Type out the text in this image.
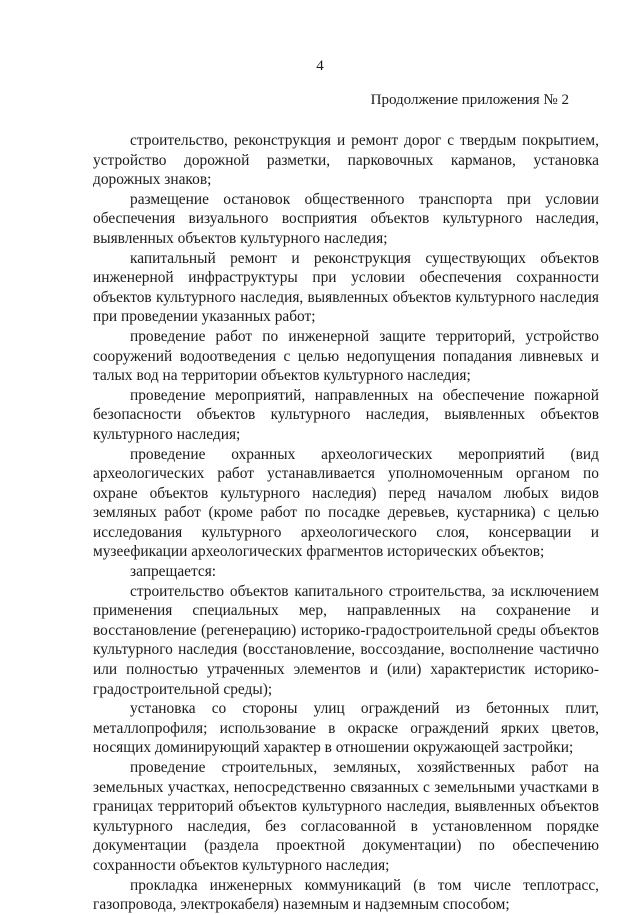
4
Продолжение приложения № 2

строительство, реконструкция и ремонт дорог с твердым покрытием, устройство дорожной разметки, парковочных карманов, установка дорожных знаков;

размещение остановок общественного транспорта при условии обеспечения визуального восприятия объектов культурного наследия, выявленных объектов культурного наследия;

капитальный ремонт и реконструкция существующих объектов инженерной инфраструктуры при условии обеспечения сохранности объектов культурного наследия, выявленных объектов культурного наследия при проведении указанных работ;

проведение работ по инженерной защите территорий, устройство сооружений водоотведения с целью недопущения попадания ливневых и талых вод на территории объектов культурного наследия;

проведение мероприятий, направленных на обеспечение пожарной безопасности объектов культурного наследия, выявленных объектов культурного наследия;

проведение охранных археологических мероприятий (вид археологических работ устанавливается уполномоченным органом по охране объектов культурного наследия) перед началом любых видов земляных работ (кроме работ по посадке деревьев, кустарника) с целью исследования культурного археологического слоя, консервации и музеефикации археологических фрагментов исторических объектов;

запрещается:

строительство объектов капитального строительства, за исключением применения специальных мер, направленных на сохранение и восстановление (регенерацию) историко-градостроительной среды объектов культурного наследия (восстановление, воссоздание, восполнение частично или полностью утраченных элементов и (или) характеристик историко-градостроительной среды);

установка со стороны улиц ограждений из бетонных плит, металлопрофиля; использование в окраске ограждений ярких цветов, носящих доминирующий характер в отношении окружающей застройки;

проведение строительных, земляных, хозяйственных работ на земельных участках, непосредственно связанных с земельными участками в границах территорий объектов культурного наследия, выявленных объектов культурного наследия, без согласованной в установленном порядке документации (раздела проектной документации) по обеспечению сохранности объектов культурного наследия;

прокладка инженерных коммуникаций (в том числе теплотрасс, газопровода, электрокабеля) наземным и надземным способом;
